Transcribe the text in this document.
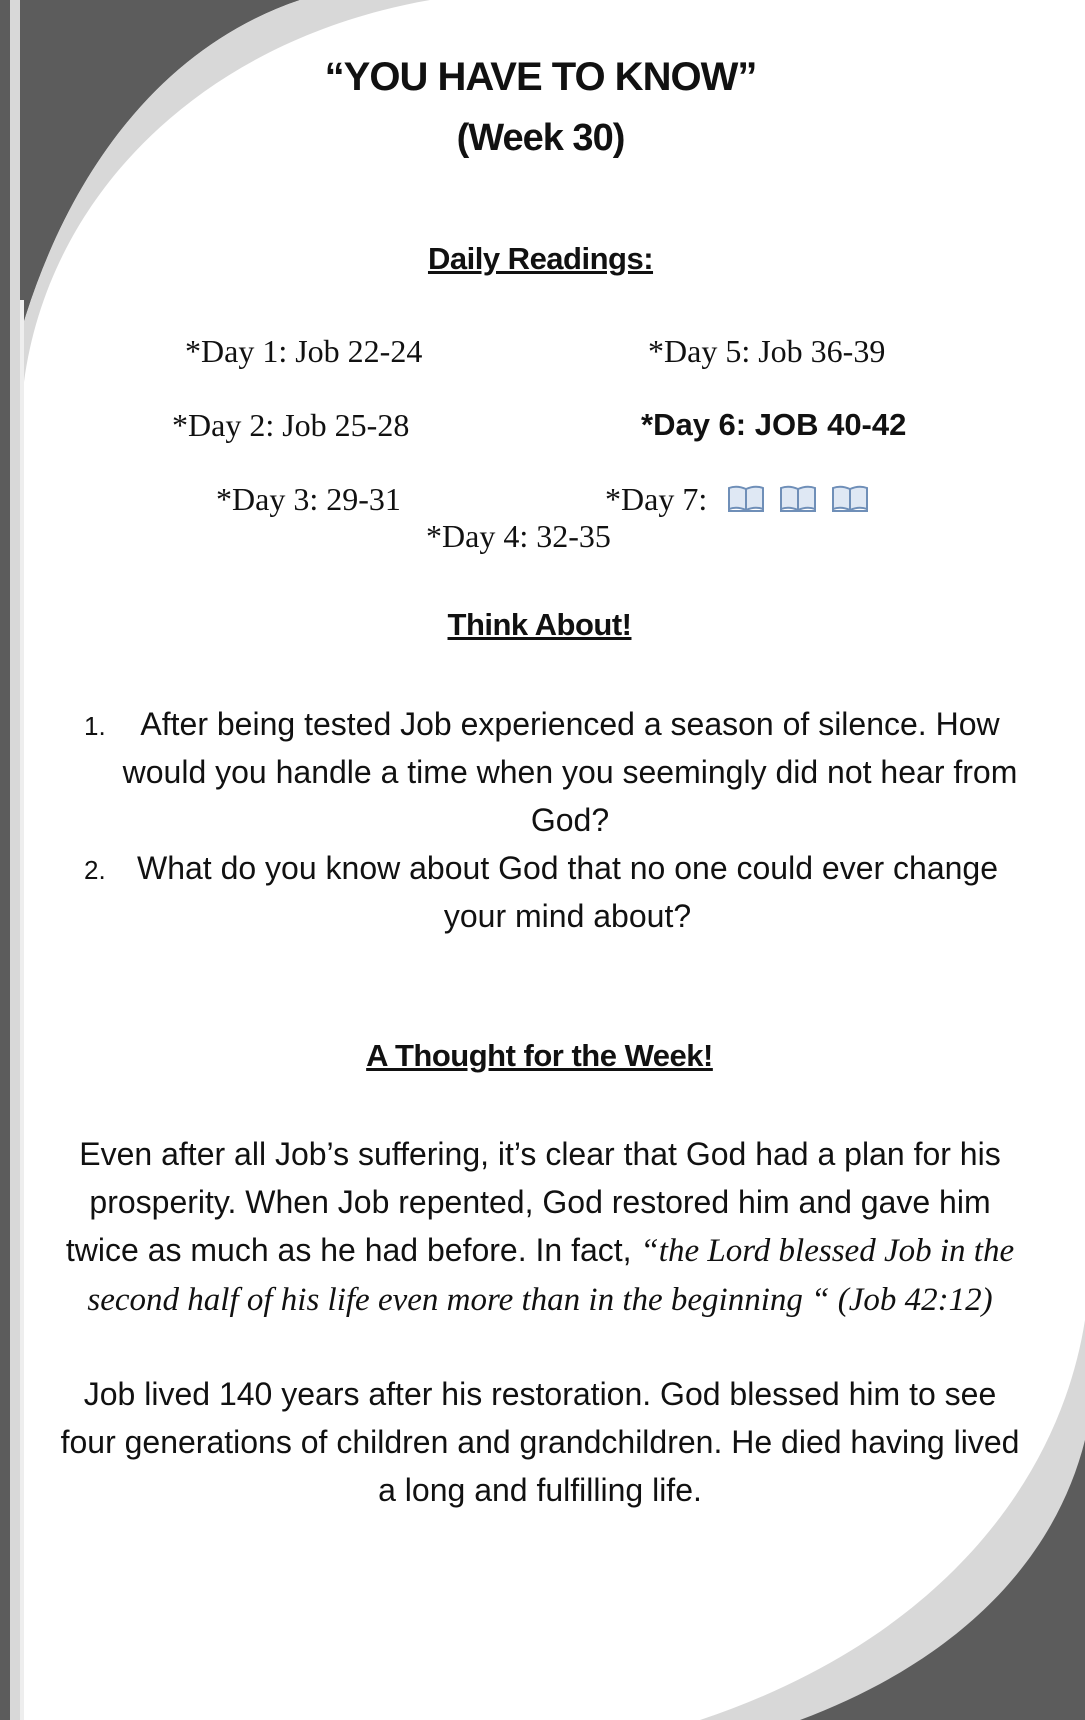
“YOU HAVE TO KNOW”
(Week 30)
Daily Readings:
*Day 1: Job 22-24
*Day 2: Job 25-28
*Day 3: 29-31
*Day 4: 32-35
*Day 5: Job 36-39
*Day 6: JOB 40-42
*Day 7:
Think About!
1.	After being tested Job experienced a season of silence. How would you handle a time when you seemingly did not hear from God?
2. What do you know about God that no one could ever change your mind about?
A Thought for the Week!
Even after all Job’s suffering, it’s clear that God had a plan for his prosperity. When Job repented, God restored him and gave him twice as much as he had before. In fact, “the Lord blessed Job in the second half of his life even more than in the beginning “ (Job 42:12)
Job lived 140 years after his restoration. God blessed him to see four generations of children and grandchildren. He died having lived a long and fulfilling life.
